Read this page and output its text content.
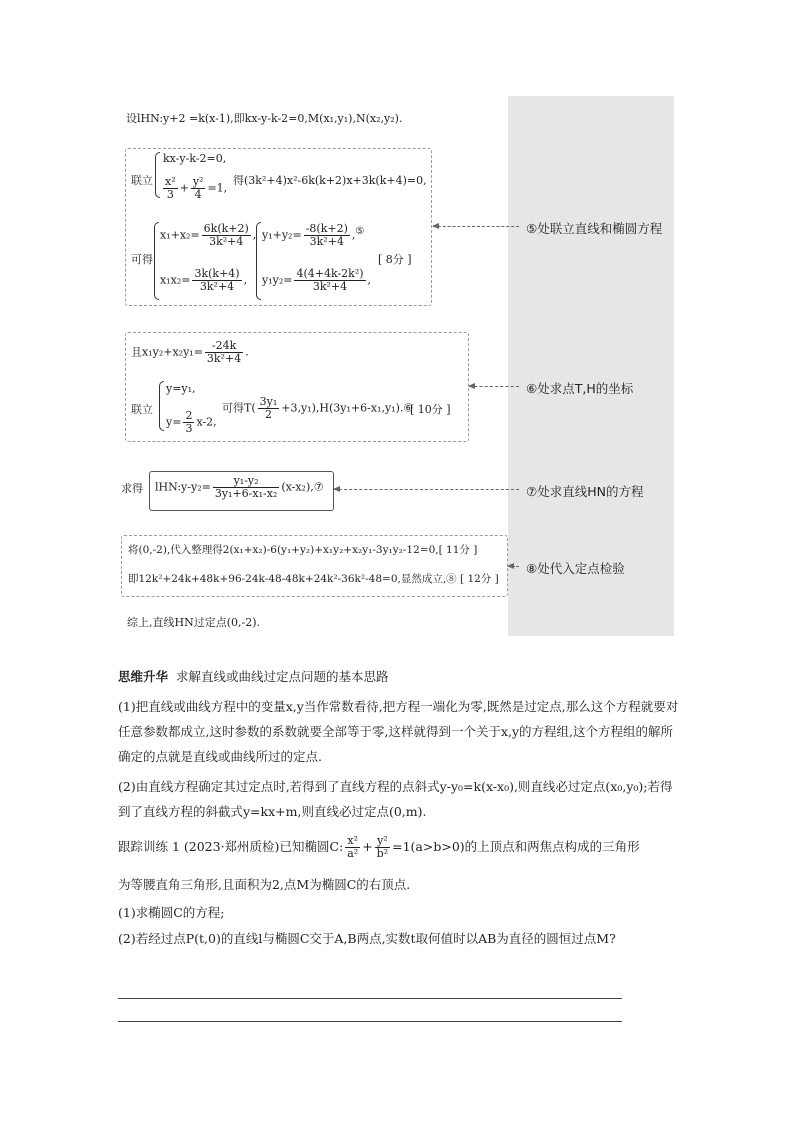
设lHN:y+2 =k(x-1),即kx-y-k-2=0,M(x₁,y₁),N(x₂,y₂).
联立
kx-y-k-2=0,
$\frac{\text{x²}}{3} + \frac{\text{y²}}{4} =1$,
得(3k²+4)x²-6k(k+2)x+3k(k+4)=0,
可得
$x_1+x_2= \frac{6k(k+2)}{\text{3k²+4}}$ ,
$x_1x_2= \frac{3k(k+4)}{\text{3k²+4}}$ ,
$y_1+y_2= \frac{-8(k+2)}{\text{3k²+4}}$ ,⑤
$y_1y_2= \frac{\text{4(4+4k-2k²)}}{\text{3k²+4}}$ ,
[ 8分 ]
且$x_1y_2+x_2y_1= \frac{-24k}{\text{3k²+4}}$ .
联立
y=y₁,
$y= \frac{2}{3} x-2$,
可得$T( \frac{\text{3y₁}}{2}$ +3,y₁),H(3y₁+6-x₁,y₁).⑥
[ 10分 ]
求得 lHN:y-y₂= $\frac{\text{y₁-y₂}}{\text{3y₁+6-x₁-x₂}}$ (x-x₂),⑦
将(0,-2),代入整理得2(x₁+x₂)-6(y₁+y₂)+x₁y₂+x₂y₁-3y₁y₂-12=0,[ 11分 ]
即12k²+24k+48k+96-24k-48-48k+24k²-36k²-48=0,显然成立,⑧ [ 12分 ]
综上,直线HN过定点(0,-2).
⑤处联立直线和椭圆方程
⑥处求点T,H的坐标
⑦处求直线HN的方程
⑧处代入定点检验
思维升华 求解直线或曲线过定点问题的基本思路
(1)把直线或曲线方程中的变量x,y当作常数看待,把方程一端化为零,既然是过定点,那么这个方程就要对任意参数都成立,这时参数的系数就要全部等于零,这样就得到一个关于x,y的方程组,这个方程组的解所确定的点就是直线或曲线所过的定点.
(2)由直线方程确定其过定点时,若得到了直线方程的点斜式y-y₀=k(x-x₀),则直线必过定点(x₀,y₀);若得到了直线方程的斜截式y=kx+m,则直线必过定点(0,m).
跟踪训练 1 (2023·郑州质检)已知椭圆C: $\frac{\text{x²}}{\text{a²}} + \frac{\text{y²}}{\text{b²}} =1(a>b>0)$的上顶点和两焦点构成的三角形
为等腰直角三角形,且面积为2,点M为椭圆C的右顶点.
(1)求椭圆C的方程;
(2)若经过点P(t,0)的直线l与椭圆C交于A,B两点,实数t取何值时以AB为直径的圆恒过点M?
